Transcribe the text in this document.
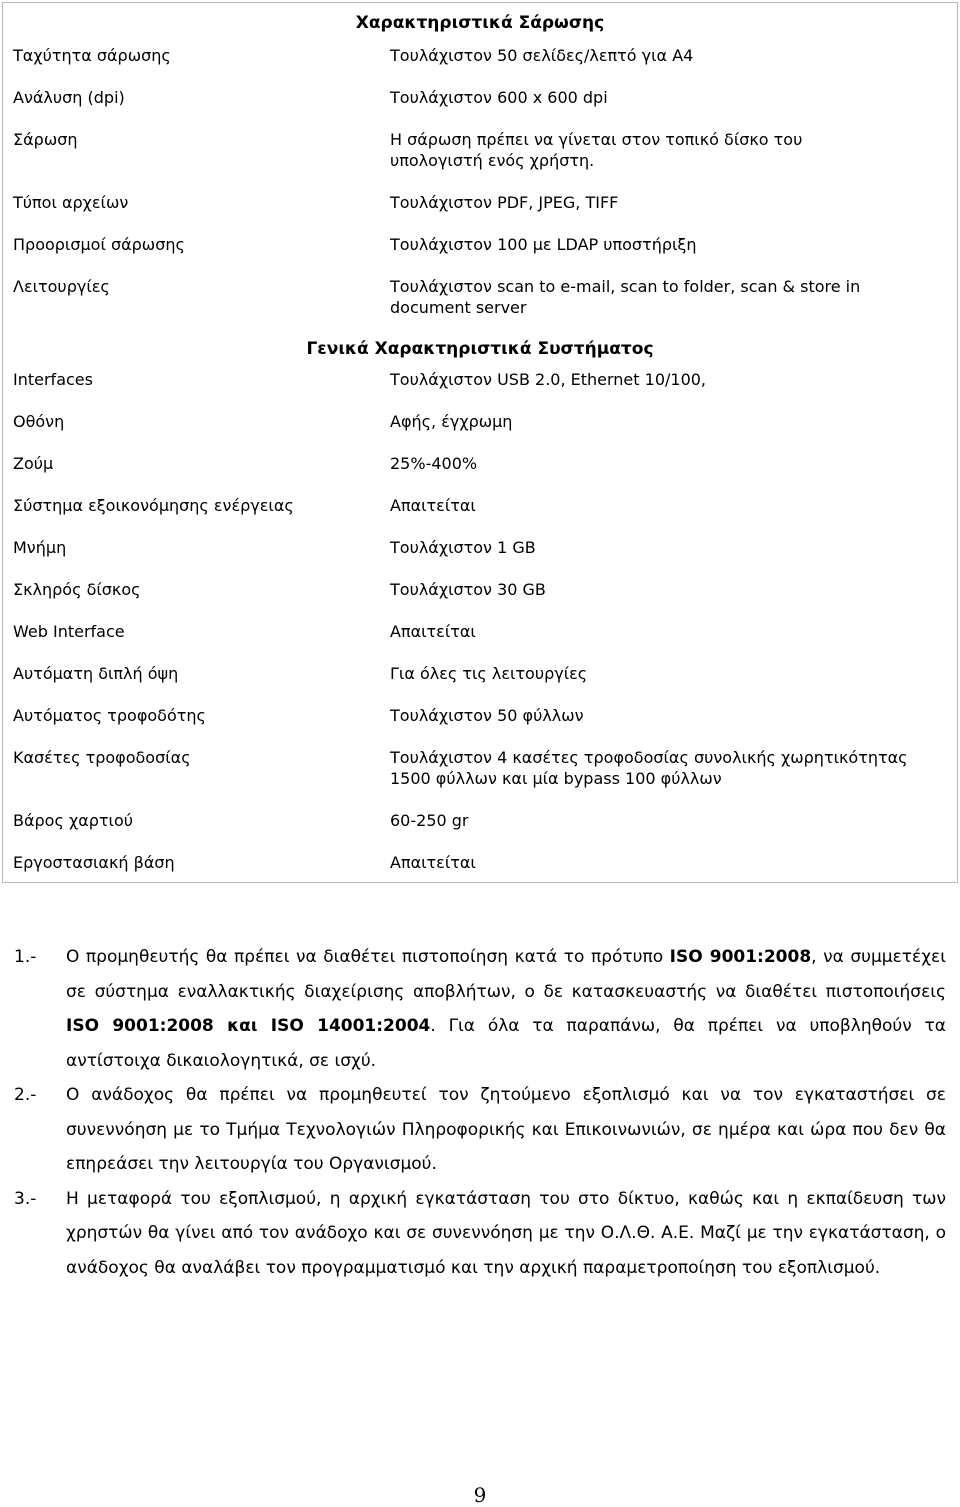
Χαρακτηριστικά Σάρωσης
Ταχύτητα σάρωσης	Τουλάχιστον 50 σελίδες/λεπτό για Α4
Ανάλυση (dpi)	Τουλάχιστον 600 x 600 dpi
Σάρωση	Η σάρωση πρέπει να γίνεται στον τοπικό δίσκο του υπολογιστή ενός χρήστη.
Τύποι αρχείων	Τουλάχιστον PDF, JPEG, TIFF
Προορισμοί σάρωσης	Τουλάχιστον 100 με LDAP υποστήριξη
Λειτουργίες	Τουλάχιστον scan to e-mail, scan to folder, scan & store in document server
Γενικά Χαρακτηριστικά Συστήματος
Interfaces	Τουλάχιστον USB 2.0, Ethernet 10/100,
Οθόνη	Αφής, έγχρωμη
Ζούμ	25%-400%
Σύστημα εξοικονόμησης ενέργειας	Απαιτείται
Μνήμη	Τουλάχιστον 1 GB
Σκληρός δίσκος	Τουλάχιστον 30 GB
Web Interface	Απαιτείται
Αυτόματη διπλή όψη	Για όλες τις λειτουργίες
Αυτόματος τροφοδότης	Τουλάχιστον 50 φύλλων
Κασέτες τροφοδοσίας	Τουλάχιστον 4 κασέτες τροφοδοσίας συνολικής χωρητικότητας 1500 φύλλων και μία bypass 100 φύλλων
Βάρος χαρτιού	60-250 gr
Εργοστασιακή βάση	Απαιτείται
1.-	Ο προμηθευτής θα πρέπει να διαθέτει πιστοποίηση κατά το πρότυπο ISO 9001:2008, να συμμετέχει σε σύστημα εναλλακτικής διαχείρισης αποβλήτων, ο δε κατασκευαστής να διαθέτει πιστοποιήσεις ISO 9001:2008 και ISO 14001:2004. Για όλα τα παραπάνω, θα πρέπει να υποβληθούν τα αντίστοιχα δικαιολογητικά, σε ισχύ.
2.-	Ο ανάδοχος θα πρέπει να προμηθευτεί τον ζητούμενο εξοπλισμό και να τον εγκαταστήσει σε συνεννόηση με το Τμήμα Τεχνολογιών Πληροφορικής και Επικοινωνιών, σε ημέρα και ώρα που δεν θα επηρεάσει την λειτουργία του Οργανισμού.
3.-	Η μεταφορά του εξοπλισμού, η αρχική εγκατάσταση του στο δίκτυο, καθώς και η εκπαίδευση των χρηστών θα γίνει από τον ανάδοχο και σε συνεννόηση με την Ο.Λ.Θ. Α.Ε. Μαζί με την εγκατάσταση, ο ανάδοχος θα αναλάβει τον προγραμματισμό και την αρχική παραμετροποίηση του εξοπλισμού.
9
